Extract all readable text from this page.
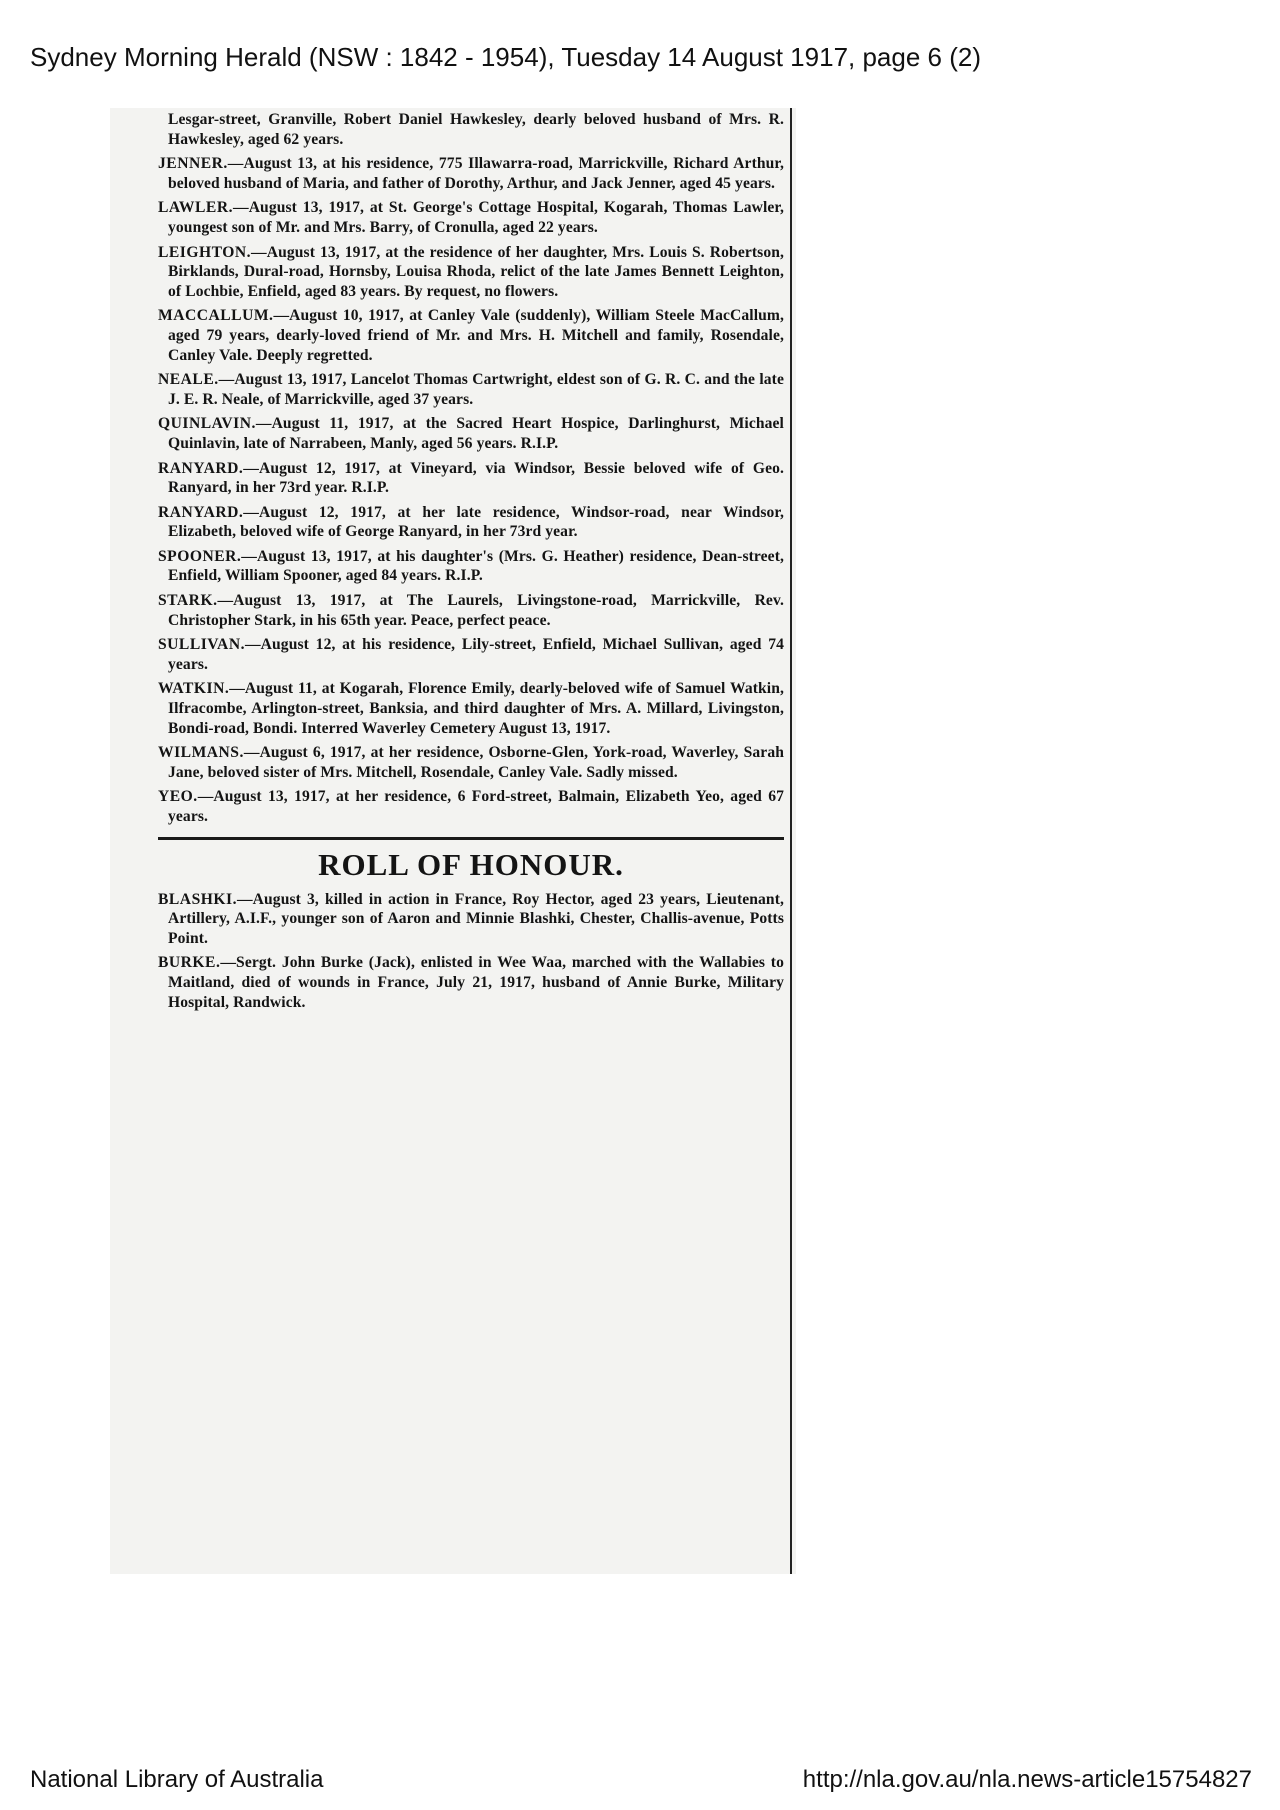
Sydney Morning Herald (NSW : 1842 - 1954), Tuesday 14 August 1917, page 6 (2)

Lesgar-street, Granville, Robert Daniel Hawkesley, dearly beloved husband of Mrs. R. Hawkesley, aged 62 years.

JENNER.—August 13, at his residence, 775 Illawarra-road, Marrickville, Richard Arthur, beloved husband of Maria, and father of Dorothy, Arthur, and Jack Jenner, aged 45 years.

LAWLER.—August 13, 1917, at St. George's Cottage Hospital, Kogarah, Thomas Lawler, youngest son of Mr. and Mrs. Barry, of Cronulla, aged 22 years.

LEIGHTON.—August 13, 1917, at the residence of her daughter, Mrs. Louis S. Robertson, Birklands, Dural-road, Hornsby, Louisa Rhoda, relict of the late James Bennett Leighton, of Lochbie, Enfield, aged 83 years. By request, no flowers.

MACCALLUM.—August 10, 1917, at Canley Vale (suddenly), William Steele MacCallum, aged 79 years, dearly-loved friend of Mr. and Mrs. H. Mitchell and family, Rosendale, Canley Vale. Deeply regretted.

NEALE.—August 13, 1917, Lancelot Thomas Cartwright, eldest son of G. R. C. and the late J. E. R. Neale, of Marrickville, aged 37 years.

QUINLAVIN.—August 11, 1917, at the Sacred Heart Hospice, Darlinghurst, Michael Quinlavin, late of Narrabeen, Manly, aged 56 years. R.I.P.

RANYARD.—August 12, 1917, at Vineyard, via Windsor, Bessie beloved wife of Geo. Ranyard, in her 73rd year. R.I.P.

RANYARD.—August 12, 1917, at her late residence, Windsor-road, near Windsor, Elizabeth, beloved wife of George Ranyard, in her 73rd year.

SPOONER.—August 13, 1917, at his daughter's (Mrs. G. Heather) residence, Dean-street, Enfield, William Spooner, aged 84 years. R.I.P.

STARK.—August 13, 1917, at The Laurels, Livingstone-road, Marrickville, Rev. Christopher Stark, in his 65th year. Peace, perfect peace.

SULLIVAN.—August 12, at his residence, Lily-street, Enfield, Michael Sullivan, aged 74 years.

WATKIN.—August 11, at Kogarah, Florence Emily, dearly-beloved wife of Samuel Watkin, Ilfracombe, Arlington-street, Banksia, and third daughter of Mrs. A. Millard, Livingston, Bondi-road, Bondi. Interred Waverley Cemetery August 13, 1917.

WILMANS.—August 6, 1917, at her residence, Osborne-Glen, York-road, Waverley, Sarah Jane, beloved sister of Mrs. Mitchell, Rosendale, Canley Vale. Sadly missed.

YEO.—August 13, 1917, at her residence, 6 Ford-street, Balmain, Elizabeth Yeo, aged 67 years.

ROLL OF HONOUR.

BLASHKI.—August 3, killed in action in France, Roy Hector, aged 23 years, Lieutenant, Artillery, A.I.F., younger son of Aaron and Minnie Blashki, Chester, Challis-avenue, Potts Point.

BURKE.—Sergt. John Burke (Jack), enlisted in Wee Waa, marched with the Wallabies to Maitland, died of wounds in France, July 21, 1917, husband of Annie Burke, Military Hospital, Randwick.

National Library of Australia	http://nla.gov.au/nla.news-article15754827
